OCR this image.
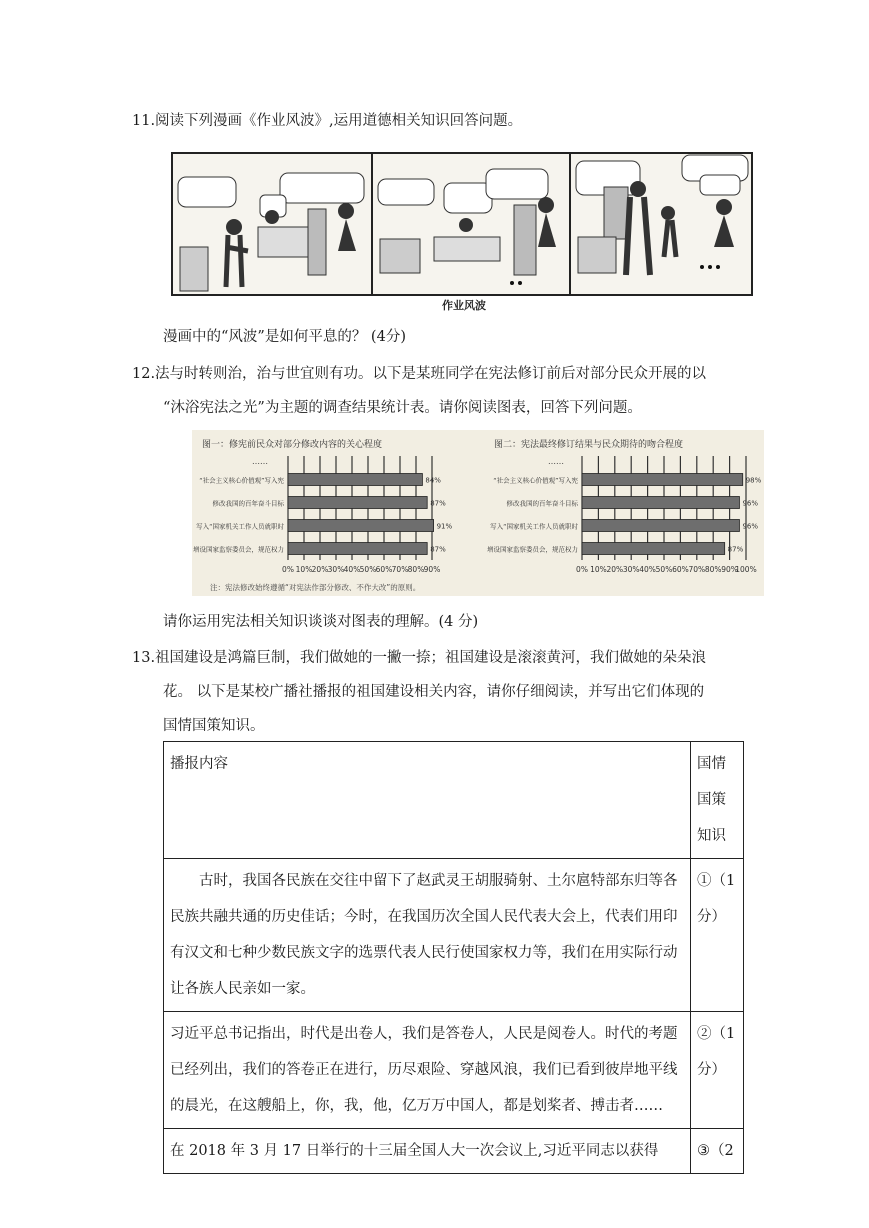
11.阅读下列漫画《作业风波》,运用道德相关知识回答问题。
作业风波
漫画中的“风波”是如何平息的？ (4分)
12.法与时转则治，治与世宜则有功。以下是某班同学在宪法修订前后对部分民众开展的以
“沐浴宪法之光”为主题的调查结果统计表。请你阅读图表，回答下列问题。
图一：修宪前民众对部分修改内容的关心程度
……
注：宪法修改始终遵循“对宪法作部分修改、不作大改”的原则。
0% 10% 20% 30% 40% 50% 60% 70% 80% 90%
“社会主义核心价值观”写入宪	84%
修改我国的百年奋斗目标	87%
写入“国家机关工作人员就职时	91%
增设国家监察委员会，规范权力	87%
图二：宪法最终修订结果与民众期待的吻合程度
……
0% 10% 20% 30% 40% 50% 60% 70% 80% 90%
100%
“社会主义核心价值观”写入宪	98%
修改我国的百年奋斗目标	96%
写入“国家机关工作人员就职时	96%
增设国家监察委员会，规范权力	87%
请你运用宪法相关知识谈谈对图表的理解。(4 分)
13.祖国建设是鸿篇巨制，我们做她的一撇一捺；祖国建设是滚滚黄河，我们做她的朵朵浪
花。 以下是某校广播社播报的祖国建设相关内容，请你仔细阅读，并写出它们体现的
国情国策知识。
播报内容	国情国策知识
古时，我国各民族在交往中留下了赵武灵王胡服骑射、土尔扈特部东归等各民族共融共通的历史佳话；今时，在我国历次全国人民代表大会上，代表们用印有汉文和七种少数民族文字的选票代表人民行使国家权力等，我们在用实际行动让各族人民亲如一家。	①（1分）
习近平总书记指出，时代是出卷人，我们是答卷人，人民是阅卷人。时代的考题已经列出，我们的答卷正在进行，历尽艰险、穿越风浪，我们已看到彼岸地平线的晨光，在这艘船上，你，我，他，亿万万中国人，都是划桨者、搏击者……	②（1分）
在 2018 年 3 月 17 日举行的十三届全国人大一次会议上,习近平同志以获得	③（2
